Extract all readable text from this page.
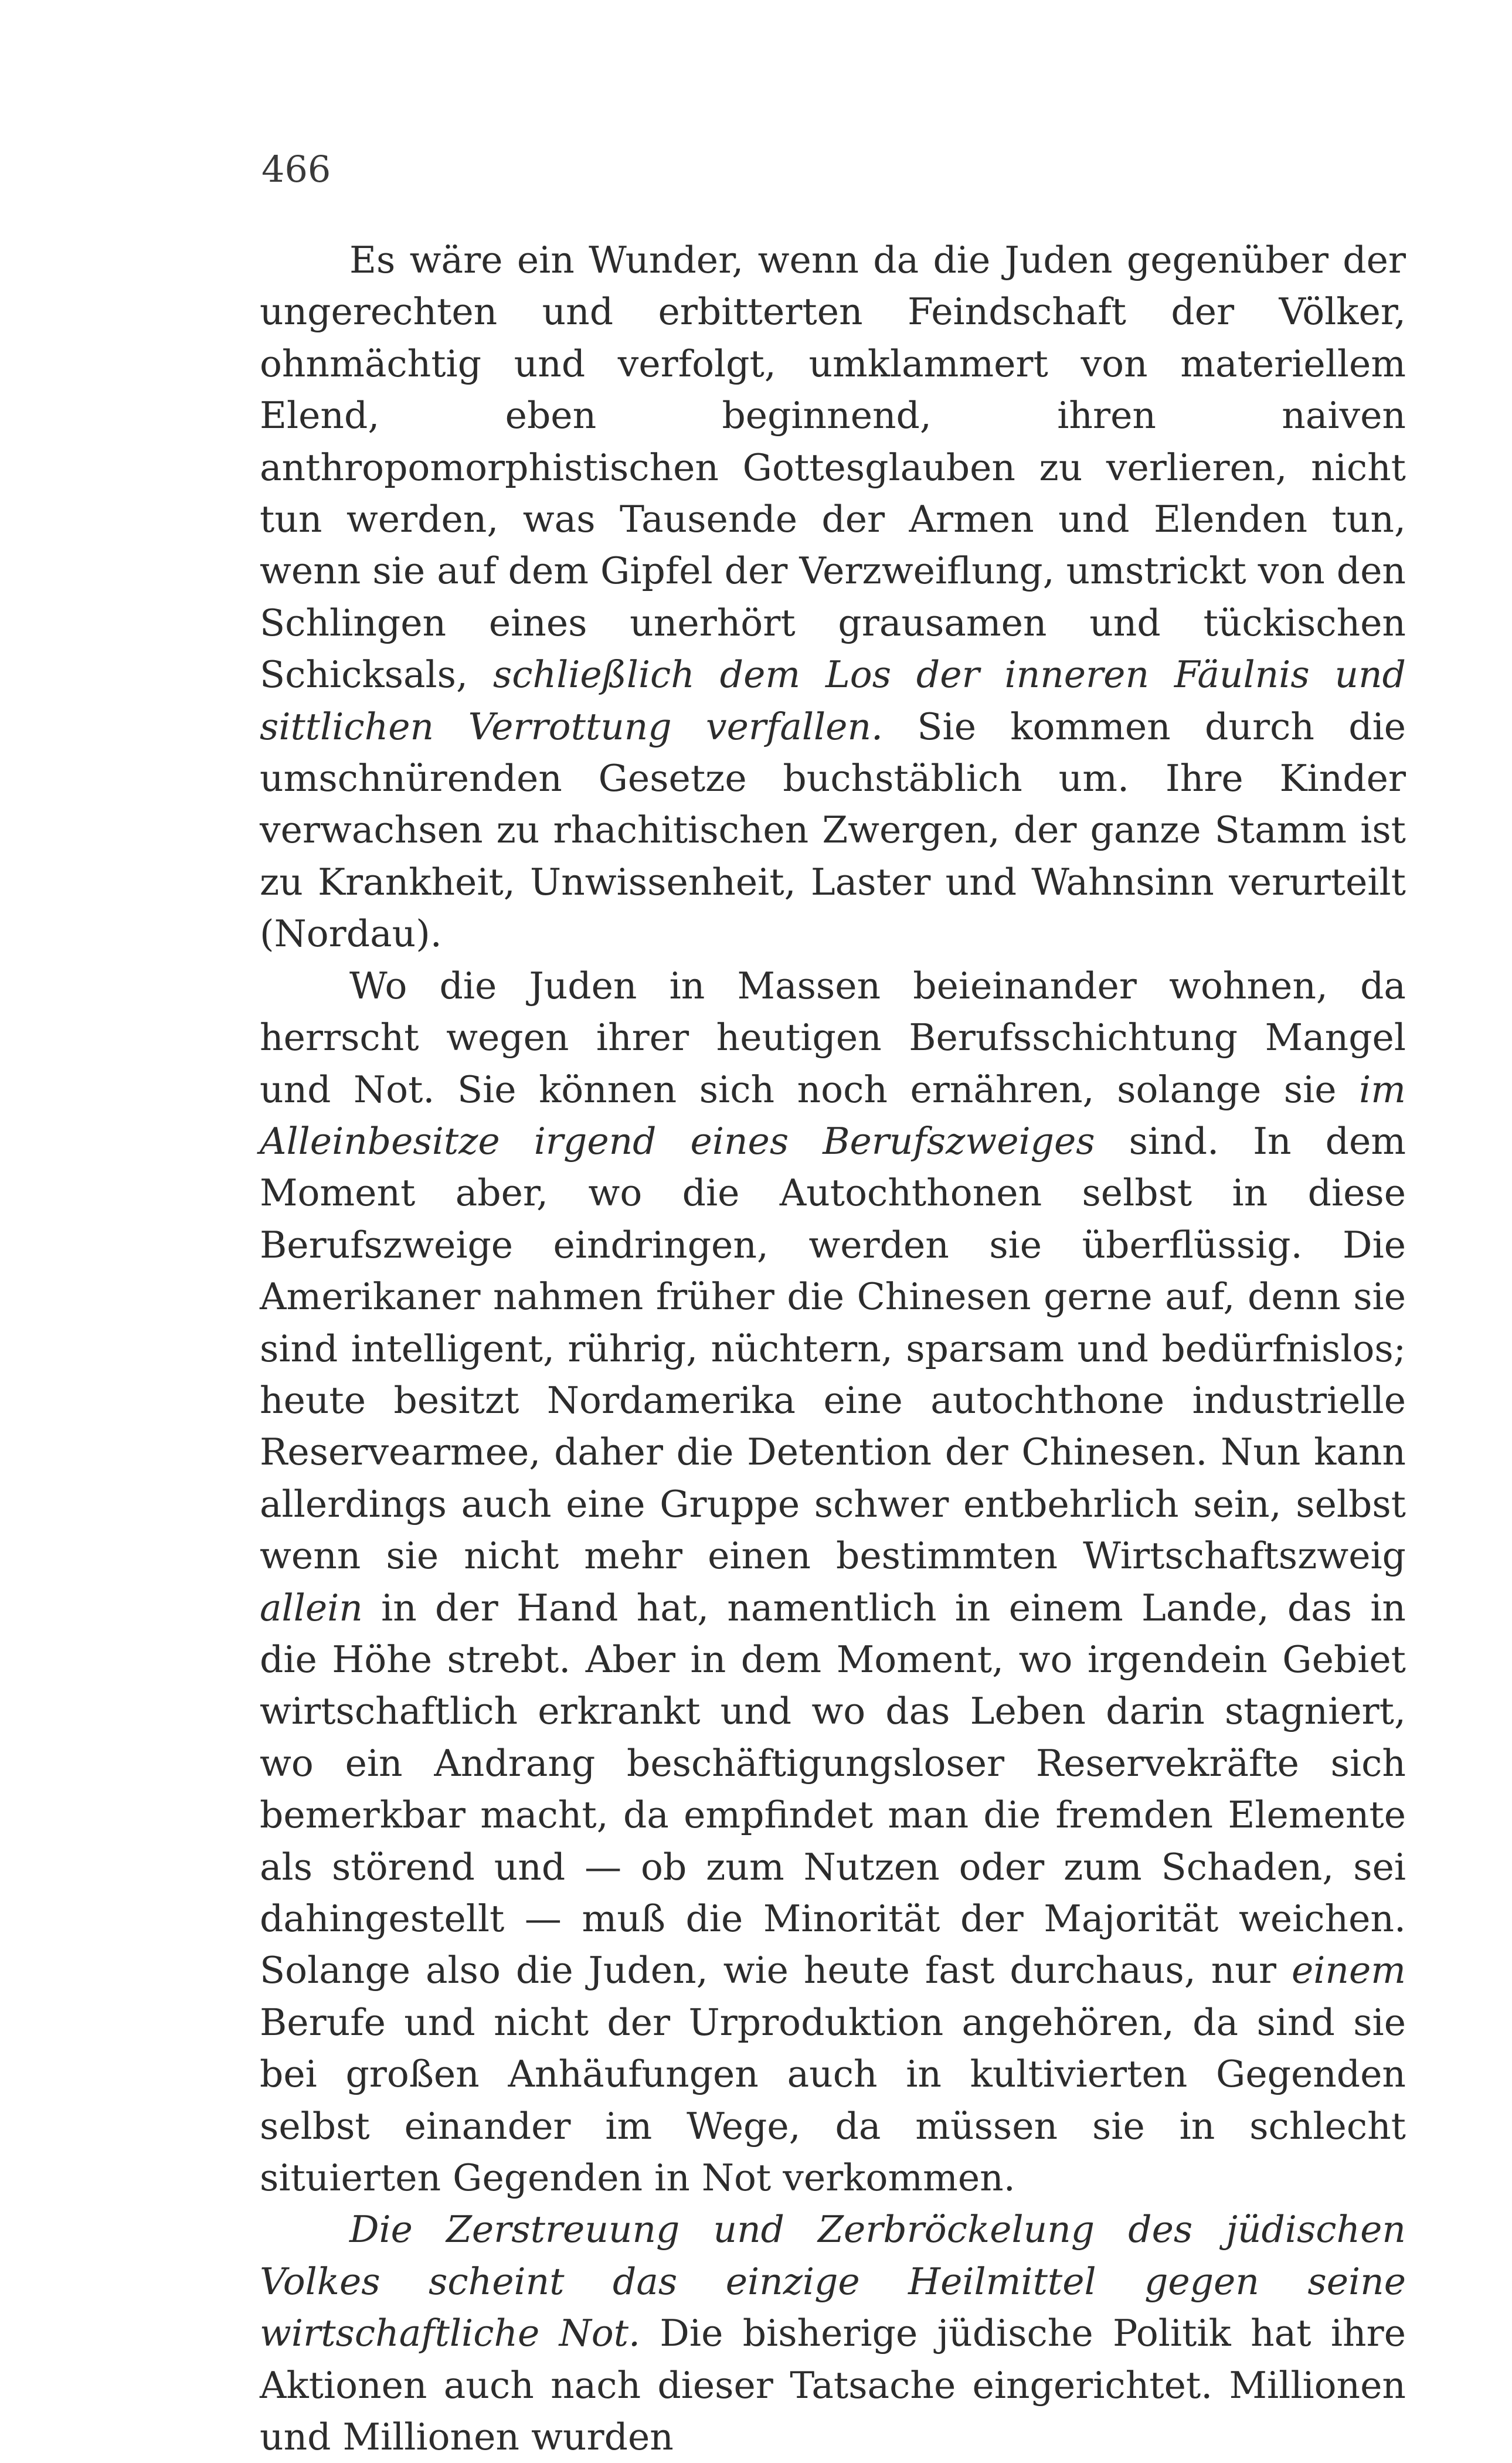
466

Es wäre ein Wunder, wenn da die Juden gegenüber der ungerechten und erbitterten Feindschaft der Völker, ohnmächtig und verfolgt, umklammert von materiellem Elend, eben beginnend, ihren naiven anthropomorphistischen Gottesglauben zu verlieren, nicht tun werden, was Tausende der Armen und Elenden tun, wenn sie auf dem Gipfel der Verzweiflung, umstrickt von den Schlingen eines unerhört grausamen und tückischen Schicksals, schließlich dem Los der inneren Fäulnis und sittlichen Verrottung verfallen. Sie kommen durch die umschnürenden Gesetze buchstäblich um. Ihre Kinder verwachsen zu rhachitischen Zwergen, der ganze Stamm ist zu Krankheit, Unwissenheit, Laster und Wahnsinn verurteilt (Nordau).

Wo die Juden in Massen beieinander wohnen, da herrscht wegen ihrer heutigen Berufsschichtung Mangel und Not. Sie können sich noch ernähren, solange sie im Alleinbesitze irgend eines Berufszweiges sind. In dem Moment aber, wo die Autochthonen selbst in diese Berufszweige eindringen, werden sie überflüssig. Die Amerikaner nahmen früher die Chinesen gerne auf, denn sie sind intelligent, rührig, nüchtern, sparsam und bedürfnislos; heute besitzt Nordamerika eine autochthone industrielle Reservearmee, daher die Detention der Chinesen. Nun kann allerdings auch eine Gruppe schwer entbehrlich sein, selbst wenn sie nicht mehr einen bestimmten Wirtschaftszweig allein in der Hand hat, namentlich in einem Lande, das in die Höhe strebt. Aber in dem Moment, wo irgendein Gebiet wirtschaftlich erkrankt und wo das Leben darin stagniert, wo ein Andrang beschäftigungsloser Reservekräfte sich bemerkbar macht, da empfindet man die fremden Elemente als störend und — ob zum Nutzen oder zum Schaden, sei dahingestellt — muß die Minorität der Majorität weichen. Solange also die Juden, wie heute fast durchaus, nur einem Berufe und nicht der Urproduktion angehören, da sind sie bei großen Anhäufungen auch in kultivierten Gegenden selbst einander im Wege, da müssen sie in schlecht situierten Gegenden in Not verkommen.

Die Zerstreuung und Zerbröckelung des jüdischen Volkes scheint das einzige Heilmittel gegen seine wirtschaftliche Not. Die bisherige jüdische Politik hat ihre Aktionen auch nach dieser Tatsache eingerichtet. Millionen und Millionen wurden
